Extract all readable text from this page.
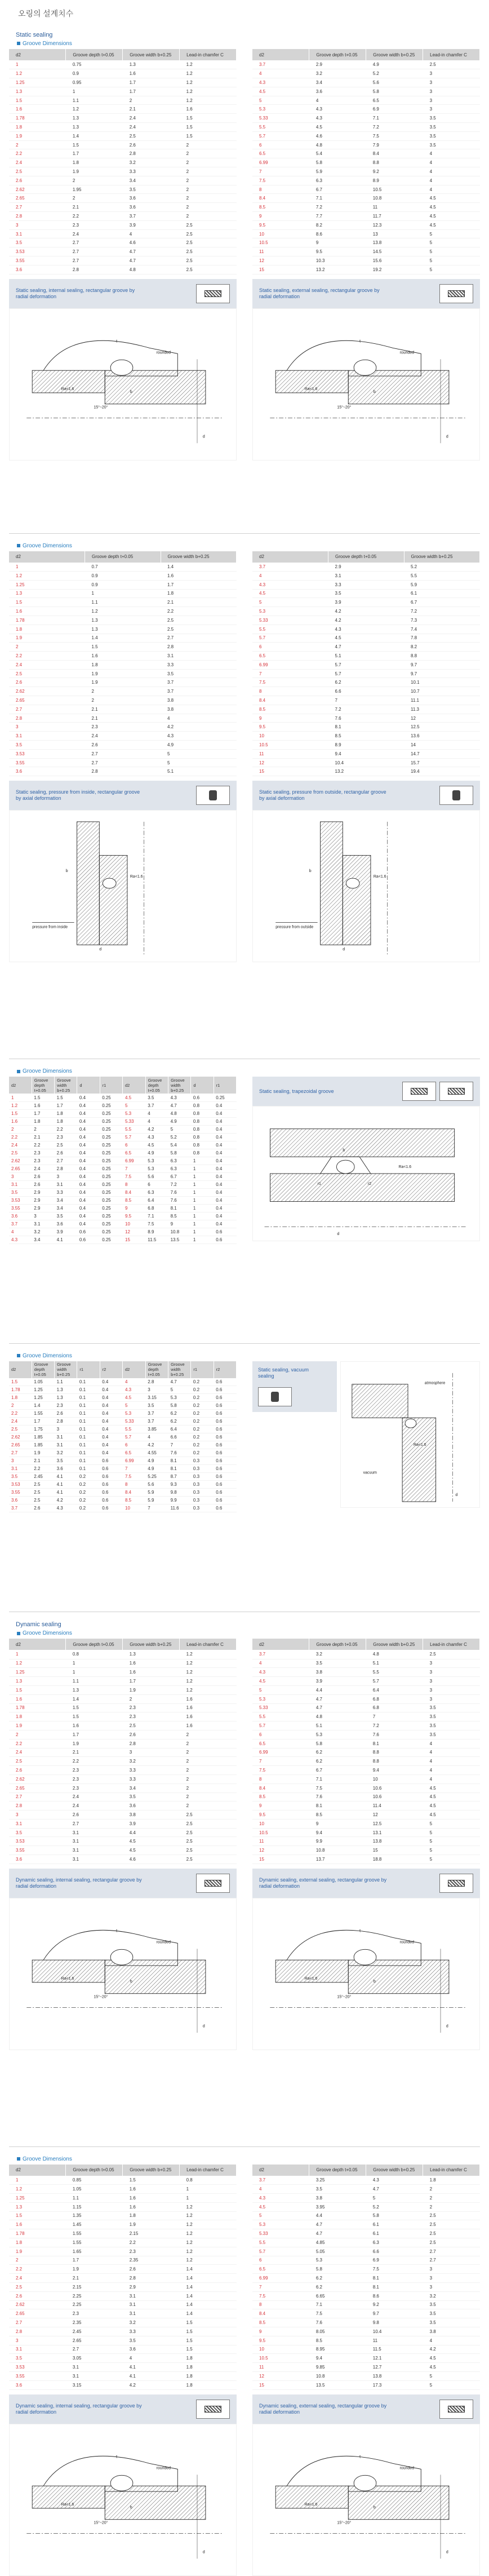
오링의 설계치수
Static sealing
Groove Dimensions
d2	Groove depth t+0.05	Groove width b+0.25	Lead-in chamfer C
1	0.75	1.3	1.2
1.2	0.9	1.6	1.2
1.25	0.95	1.7	1.2
1.3	1	1.7	1.2
1.5	1.1	2	1.2
1.6	1.2	2.1	1.6
1.78	1.3	2.4	1.5
1.8	1.3	2.4	1.5
1.9	1.4	2.5	1.5
2	1.5	2.6	2
2.2	1.7	2.8	2
2.4	1.8	3.2	2
2.5	1.9	3.3	2
2.6	2	3.4	2
2.62	1.95	3.5	2
2.65	2	3.6	2
2.7	2.1	3.6	2
2.8	2.2	3.7	2
3	2.3	3.9	2.5
3.1	2.4	4	2.5
3.5	2.7	4.6	2.5
3.53	2.7	4.7	2.5
3.55	2.7	4.7	2.5
3.6	2.8	4.8	2.5
d2	Groove depth t+0.05	Groove width b+0.25	Lead-in chamfer C
3.7	2.9	4.9	2.5
4	3.2	5.2	3
4.3	3.4	5.6	3
4.5	3.6	5.8	3
5	4	6.5	3
5.3	4.3	6.9	3
5.33	4.3	7.1	3.5
5.5	4.5	7.2	3.5
5.7	4.6	7.5	3.5
6	4.8	7.9	3.5
6.5	5.4	8.4	4
6.99	5.8	8.8	4
7	5.9	9.2	4
7.5	6.3	8.9	4
8	6.7	10.5	4
8.4	7.1	10.8	4.5
8.5	7.2	11	4.5
9	7.7	11.7	4.5
9.5	8.2	12.3	4.5
10	8.6	13	5
10.5	9	13.8	5
11	9.5	14.5	5
12	10.3	15.6	5
15	13.2	19.2	5
Static sealing, internal sealing, rectangular groove by radial deformation
Static sealing, external sealing, rectangular groove by radial deformation
rounded
Ra<1.6
t
b
15°~20°
d
rounded
Ra<1.6
t
b
15°~20°
d
Groove Dimensions
d2	Groove depth t+0.05	Groove width b+0.25
1	0.7	1.4
1.2	0.9	1.6
1.25	0.9	1.7
1.3	1	1.8
1.5	1.1	2.1
1.6	1.2	2.2
1.78	1.3	2.5
1.8	1.3	2.5
1.9	1.4	2.7
2	1.5	2.8
2.2	1.6	3.1
2.4	1.8	3.3
2.5	1.9	3.5
2.6	1.9	3.7
2.62	2	3.7
2.65	2	3.8
2.7	2.1	3.8
2.8	2.1	4
3	2.3	4.2
3.1	2.4	4.3
3.5	2.6	4.9
3.53	2.7	5
3.55	2.7	5
3.6	2.8	5.1
d2	Groove depth t+0.05	Groove width b+0.25
3.7	2.9	5.2
4	3.1	5.5
4.3	3.3	5.9
4.5	3.5	6.1
5	3.9	6.7
5.3	4.2	7.2
5.33	4.2	7.3
5.5	4.3	7.4
5.7	4.5	7.8
6	4.7	8.2
6.5	5.1	8.8
6.99	5.7	9.7
7	5.7	9.7
7.5	6.2	10.1
8	6.6	10.7
8.4	7	11.1
8.5	7.2	11.3
9	7.6	12
9.5	8.1	12.5
10	8.5	13.6
10.5	8.9	14
11	9.4	14.7
12	10.4	15.7
15	13.2	19.4
Static sealing, pressure from inside, rectangular groove by axial deformation
Static sealing, pressure from outside, rectangular groove by axial deformation
pressure from inside
Ra<1.6
b
d
pressure from outside
Ra<1.6
b
d
Groove Dimensions
d2	Groove depth t+0.05	Groove width b+0.25	d	r1
1	1.5	1.5	0.4	0.25
1.2	1.6	1.7	0.4	0.25
1.5	1.7	1.8	0.4	0.25
1.6	1.8	1.8	0.4	0.25
2	2	2.2	0.4	0.25
2.2	2.1	2.3	0.4	0.25
2.4	2.2	2.5	0.4	0.25
2.5	2.3	2.6	0.4	0.25
2.62	2.3	2.7	0.4	0.25
2.65	2.4	2.8	0.4	0.25
3	2.6	3	0.4	0.25
3.1	2.6	3.1	0.4	0.25
3.5	2.9	3.3	0.4	0.25
3.53	2.9	3.4	0.4	0.25
3.55	2.9	3.4	0.4	0.25
3.6	3	3.5	0.4	0.25
3.7	3.1	3.6	0.4	0.25
4	3.2	3.9	0.6	0.25
4.3	3.4	4.1	0.6	0.25
d2	Groove depth t+0.05	Groove width b+0.25	d	r1
4.5	3.5	4.3	0.6	0.25
5	3.7	4.7	0.8	0.4
5.3	4	4.8	0.8	0.4
5.33	4	4.9	0.8	0.4
5.5	4.2	5	0.8	0.4
5.7	4.3	5.2	0.8	0.4
6	4.5	5.4	0.8	0.4
6.5	4.9	5.8	0.8	0.4
6.99	5.3	6.3	1	0.4
7	5.3	6.3	1	0.4
7.5	5.6	6.7	1	0.4
8	6	7.2	1	0.4
8.4	6.3	7.6	1	0.4
8.5	6.4	7.6	1	0.4
9	6.8	8.1	1	0.4
9.5	7.1	8.5	1	0.4
10	7.5	9	1	0.4
12	8.9	10.8	1	0.6
15	11.5	13.5	1	0.6
Static sealing, trapezoidal groove
Ra<1.6
b
r1	r2
d
Groove Dimensions
d2	Groove depth t+0.05	Groove width b+0.25	r1	r2
1.5	1.05	1.1	0.1	0.4
1.78	1.25	1.3	0.1	0.4
1.8	1.25	1.3	0.1	0.4
2	1.4	2.3	0.1	0.4
2.2	1.55	2.6	0.1	0.4
2.4	1.7	2.8	0.1	0.4
2.5	1.75	3	0.1	0.4
2.62	1.85	3.1	0.1	0.4
2.65	1.85	3.1	0.1	0.4
2.7	1.9	3.2	0.1	0.4
3	2.1	3.5	0.1	0.6
3.1	2.2	3.6	0.1	0.6
3.5	2.45	4.1	0.2	0.6
3.53	2.5	4.1	0.2	0.6
3.55	2.5	4.1	0.2	0.6
3.6	2.5	4.2	0.2	0.6
3.7	2.6	4.3	0.2	0.6
d2	Groove depth t+0.05	Groove width b+0.25	r1	r2
4	2.8	4.7	0.2	0.6
4.3	3	5	0.2	0.6
4.5	3.15	5.3	0.2	0.6
5	3.5	5.8	0.2	0.6
5.3	3.7	6.2	0.2	0.6
5.33	3.7	6.2	0.2	0.6
5.5	3.85	6.4	0.2	0.6
5.7	4	6.6	0.2	0.6
6	4.2	7	0.2	0.6
6.5	4.55	7.6	0.2	0.6
6.99	4.9	8.1	0.3	0.6
7	4.9	8.1	0.3	0.6
7.5	5.25	8.7	0.3	0.6
8	5.6	9.3	0.3	0.6
8.4	5.9	9.8	0.3	0.6
8.5	5.9	9.9	0.3	0.6
10	7	11.6	0.3	0.6
Static sealing, vacuum sealing
atmosphere
vacuum
Ra<1.6
d
Dynamic sealing
Groove Dimensions
d2	Groove depth t+0.05	Groove width b+0.25	Lead-in chamfer C
1	0.8	1.3	1.2
1.2	1	1.6	1.2
1.25	1	1.6	1.2
1.3	1.1	1.7	1.2
1.5	1.3	1.9	1.2
1.6	1.4	2	1.6
1.78	1.5	2.3	1.6
1.8	1.5	2.3	1.6
1.9	1.6	2.5	1.6
2	1.7	2.6	2
2.2	1.9	2.8	2
2.4	2.1	3	2
2.5	2.2	3.2	2
2.6	2.3	3.3	2
2.62	2.3	3.3	2
2.65	2.3	3.4	2
2.7	2.4	3.5	2
2.8	2.4	3.6	2
3	2.6	3.8	2.5
3.1	2.7	3.9	2.5
3.5	3.1	4.4	2.5
3.53	3.1	4.5	2.5
3.55	3.1	4.5	2.5
3.6	3.1	4.6	2.5
d2	Groove depth t+0.05	Groove width b+0.25	Lead-in chamfer C
3.7	3.2	4.8	2.5
4	3.5	5.1	3
4.3	3.8	5.5	3
4.5	3.9	5.7	3
5	4.4	6.4	3
5.3	4.7	6.8	3
5.33	4.7	6.8	3.5
5.5	4.8	7	3.5
5.7	5.1	7.2	3.5
6	5.3	7.6	3.5
6.5	5.8	8.1	4
6.99	6.2	8.8	4
7	6.2	8.8	4
7.5	6.7	9.4	4
8	7.1	10	4
8.4	7.5	10.6	4.5
8.5	7.6	10.6	4.5
9	8.1	11.4	4.5
9.5	8.5	12	4.5
10	9	12.5	5
10.5	9.4	13.1	5
11	9.9	13.8	5
12	10.8	15	5
15	13.7	18.8	5
Dynamic sealing, internal sealing, rectangular groove by radial deformation
Dynamic sealing, external sealing, rectangular groove by radial deformation
rounded
Ra<1.6
t
b
15°~20°
d
rounded
Ra<1.6
t
b
15°~20°
d
Groove Dimensions
d2	Groove depth t+0.05	Groove width b+0.25	Lead-in chamfer C
1	0.85	1.5	0.8
1.2	1.05	1.6	1
1.25	1.1	1.6	1
1.3	1.15	1.6	1.2
1.5	1.35	1.8	1.2
1.6	1.45	1.9	1.2
1.78	1.55	2.15	1.2
1.8	1.55	2.2	1.2
1.9	1.65	2.3	1.2
2	1.7	2.35	1.2
2.2	1.9	2.6	1.4
2.4	2.1	2.8	1.4
2.5	2.15	2.9	1.4
2.6	2.25	3.1	1.4
2.62	2.25	3.1	1.4
2.65	2.3	3.1	1.4
2.7	2.35	3.2	1.5
2.8	2.45	3.3	1.5
3	2.65	3.5	1.5
3.1	2.7	3.6	1.5
3.5	3.05	4	1.8
3.53	3.1	4.1	1.8
3.55	3.1	4.1	1.8
3.6	3.15	4.2	1.8
d2	Groove depth t+0.05	Groove width b+0.25	Lead-in chamfer C
3.7	3.25	4.3	1.8
4	3.5	4.7	2
4.3	3.8	5	2
4.5	3.95	5.2	2
5	4.4	5.8	2.5
5.3	4.7	6.1	2.5
5.33	4.7	6.1	2.5
5.5	4.85	6.3	2.5
5.7	5.05	6.6	2.7
6	5.3	6.9	2.7
6.5	5.8	7.5	3
6.99	6.2	8.1	3
7	6.2	8.1	3
7.5	6.65	8.6	3.2
8	7.1	9.2	3.5
8.4	7.5	9.7	3.5
8.5	7.6	9.8	3.5
9	8.05	10.4	3.8
9.5	8.5	11	4
10	8.95	11.5	4.2
10.5	9.4	12.1	4.5
11	9.85	12.7	4.5
12	10.8	13.8	5
15	13.5	17.3	5
Dynamic sealing, internal sealing, rectangular groove by radial deformation
Dynamic sealing, external sealing, rectangular groove by radial deformation
rounded
Ra<1.6
t
b
15°~20°
d
rounded
Ra<1.6
t
b
15°~20°
d
